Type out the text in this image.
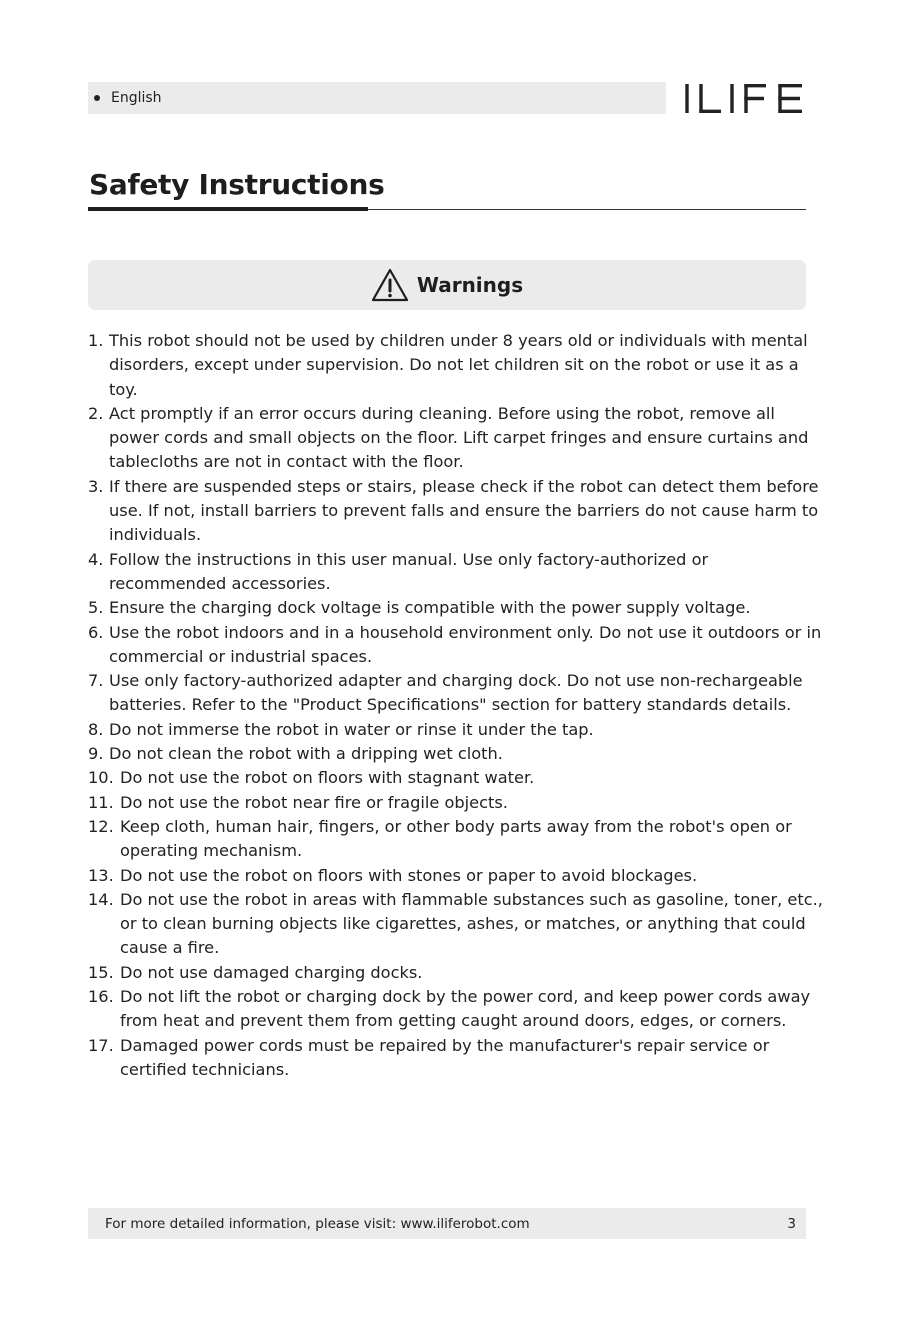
English
Safety Instructions
Warnings
1. This robot should not be used by children under 8 years old or individuals with mental disorders, except under supervision. Do not let children sit on the robot or use it as a toy.
2. Act promptly if an error occurs during cleaning. Before using the robot, remove all power cords and small objects on the floor. Lift carpet fringes and ensure curtains and tablecloths are not in contact with the floor.
3. If there are suspended steps or stairs, please check if the robot can detect them before use. If not, install barriers to prevent falls and ensure the barriers do not cause harm to individuals.
4. Follow the instructions in this user manual. Use only factory-authorized or recommended accessories.
5. Ensure the charging dock voltage is compatible with the power supply voltage.
6. Use the robot indoors and in a household environment only. Do not use it outdoors or in commercial or industrial spaces.
7. Use only factory-authorized adapter and charging dock. Do not use non-rechargeable batteries. Refer to the "Product Specifications" section for battery standards details.
8. Do not immerse the robot in water or rinse it under the tap.
9. Do not clean the robot with a dripping wet cloth.
10. Do not use the robot on floors with stagnant water.
11. Do not use the robot near fire or fragile objects.
12. Keep cloth, human hair, fingers, or other body parts away from the robot's open or operating mechanism.
13. Do not use the robot on floors with stones or paper to avoid blockages.
14. Do not use the robot in areas with flammable substances such as gasoline, toner, etc., or to clean burning objects like cigarettes, ashes, or matches, or anything that could cause a fire.
15. Do not use damaged charging docks.
16. Do not lift the robot or charging dock by the power cord, and keep power cords away from heat and prevent them from getting caught around doors, edges, or corners.
17. Damaged power cords must be repaired by the manufacturer's repair service or certified technicians.
For more detailed information, please visit: www.iliferobot.com	3
